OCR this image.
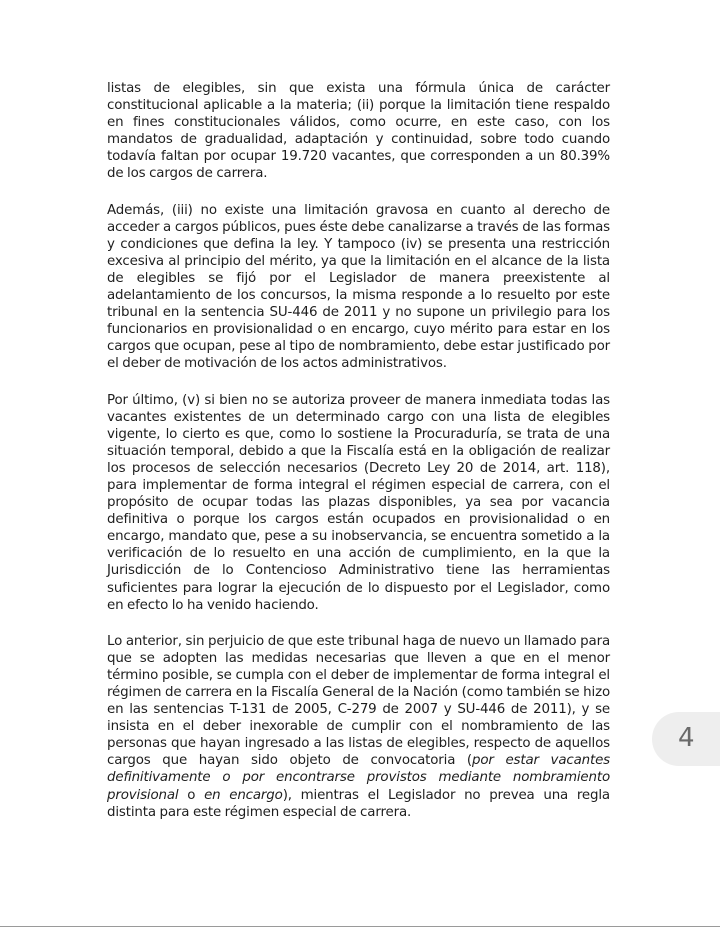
listas de elegibles, sin que exista una fórmula única de carácter constitucional aplicable a la materia; (ii) porque la limitación tiene respaldo en fines constitucionales válidos, como ocurre, en este caso, con los mandatos de gradualidad, adaptación y continuidad, sobre todo cuando todavía faltan por ocupar 19.720 vacantes, que corresponden a un 80.39% de los cargos de carrera.

Además, (iii) no existe una limitación gravosa en cuanto al derecho de acceder a cargos públicos, pues éste debe canalizarse a través de las formas y condiciones que defina la ley. Y tampoco (iv) se presenta una restricción excesiva al principio del mérito, ya que la limitación en el alcance de la lista de elegibles se fijó por el Legislador de manera preexistente al adelantamiento de los concursos, la misma responde a lo resuelto por este tribunal en la sentencia SU-446 de 2011 y no supone un privilegio para los funcionarios en provisionalidad o en encargo, cuyo mérito para estar en los cargos que ocupan, pese al tipo de nombramiento, debe estar justificado por el deber de motivación de los actos administrativos.

Por último, (v) si bien no se autoriza proveer de manera inmediata todas las vacantes existentes de un determinado cargo con una lista de elegibles vigente, lo cierto es que, como lo sostiene la Procuraduría, se trata de una situación temporal, debido a que la Fiscalía está en la obligación de realizar los procesos de selección necesarios (Decreto Ley 20 de 2014, art. 118), para implementar de forma integral el régimen especial de carrera, con el propósito de ocupar todas las plazas disponibles, ya sea por vacancia definitiva o porque los cargos están ocupados en provisionalidad o en encargo, mandato que, pese a su inobservancia, se encuentra sometido a la verificación de lo resuelto en una acción de cumplimiento, en la que la Jurisdicción de lo Contencioso Administrativo tiene las herramientas suficientes para lograr la ejecución de lo dispuesto por el Legislador, como en efecto lo ha venido haciendo.

Lo anterior, sin perjuicio de que este tribunal haga de nuevo un llamado para que se adopten las medidas necesarias que lleven a que en el menor término posible, se cumpla con el deber de implementar de forma integral el régimen de carrera en la Fiscalía General de la Nación (como también se hizo en las sentencias T-131 de 2005, C-279 de 2007 y SU-446 de 2011), y se insista en el deber inexorable de cumplir con el nombramiento de las personas que hayan ingresado a las listas de elegibles, respecto de aquellos cargos que hayan sido objeto de convocatoria (por estar vacantes definitivamente o por encontrarse provistos mediante nombramiento provisional o en encargo), mientras el Legislador no prevea una regla distinta para este régimen especial de carrera.

4
